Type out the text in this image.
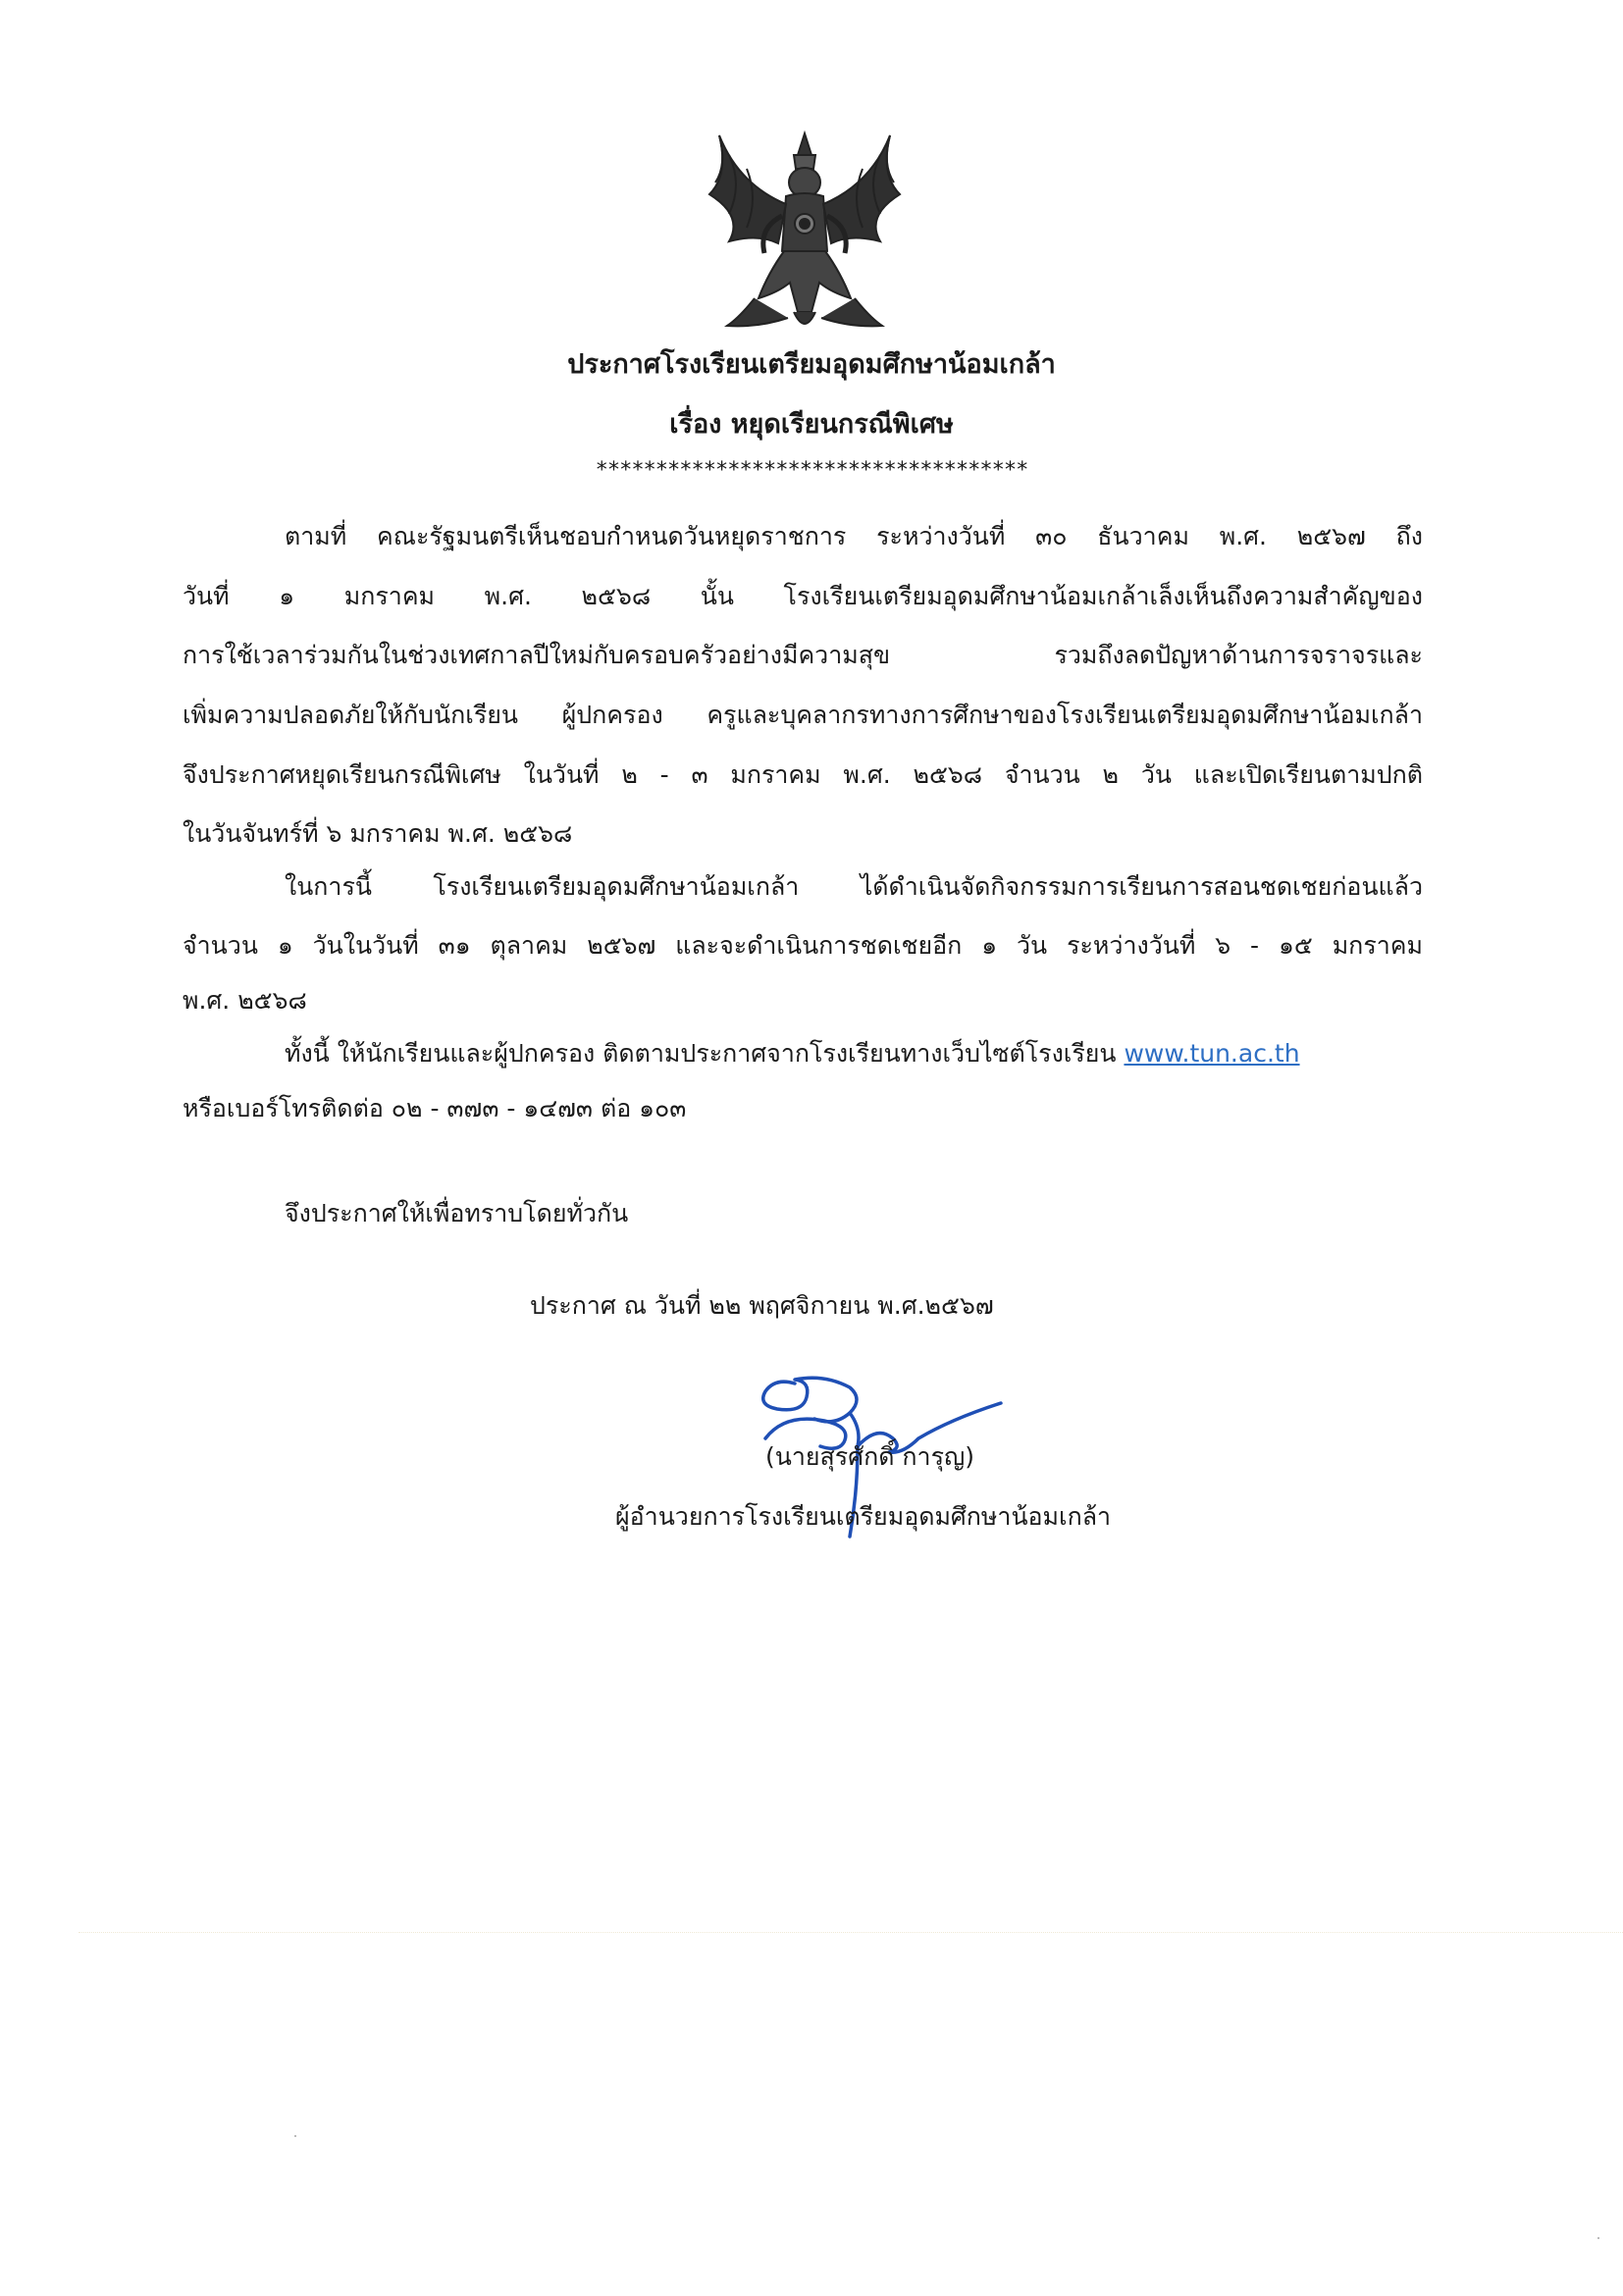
ประกาศโรงเรียนเตรียมอุดมศึกษาน้อมเกล้า
เรื่อง หยุดเรียนกรณีพิเศษ
************************************
ตามที่ คณะรัฐมนตรีเห็นชอบกำหนดวันหยุดราชการ ระหว่างวันที่ ๓๐ ธันวาคม พ.ศ. ๒๕๖๗ ถึง
วันที่ ๑ มกราคม พ.ศ. ๒๕๖๘ นั้น โรงเรียนเตรียมอุดมศึกษาน้อมเกล้าเล็งเห็นถึงความสำคัญของ
การใช้เวลาร่วมกันในช่วงเทศกาลปีใหม่กับครอบครัวอย่างมีความสุข รวมถึงลดปัญหาด้านการจราจรและ
เพิ่มความปลอดภัยให้กับนักเรียน ผู้ปกครอง ครูและบุคลากรทางการศึกษาของโรงเรียนเตรียมอุดมศึกษาน้อมเกล้า
จึงประกาศหยุดเรียนกรณีพิเศษ ในวันที่ ๒ - ๓ มกราคม พ.ศ. ๒๕๖๘ จำนวน ๒ วัน และเปิดเรียนตามปกติ
ในวันจันทร์ที่ ๖ มกราคม พ.ศ. ๒๕๖๘
ในการนี้ โรงเรียนเตรียมอุดมศึกษาน้อมเกล้า ได้ดำเนินจัดกิจกรรมการเรียนการสอนชดเชยก่อนแล้ว
จำนวน ๑ วันในวันที่ ๓๑ ตุลาคม ๒๕๖๗ และจะดำเนินการชดเชยอีก ๑ วัน ระหว่างวันที่ ๖ - ๑๕ มกราคม
พ.ศ. ๒๕๖๘
ทั้งนี้ ให้นักเรียนและผู้ปกครอง ติดตามประกาศจากโรงเรียนทางเว็บไซต์โรงเรียน www.tun.ac.th
หรือเบอร์โทรติดต่อ ๐๒ - ๓๗๓ - ๑๔๗๓ ต่อ ๑๐๓
จึงประกาศให้เพื่อทราบโดยทั่วกัน
ประกาศ ณ วันที่ ๒๒ พฤศจิกายน พ.ศ.๒๕๖๗
(นายสุรศักดิ์ การุญ)
ผู้อำนวยการโรงเรียนเตรียมอุดมศึกษาน้อมเกล้า
